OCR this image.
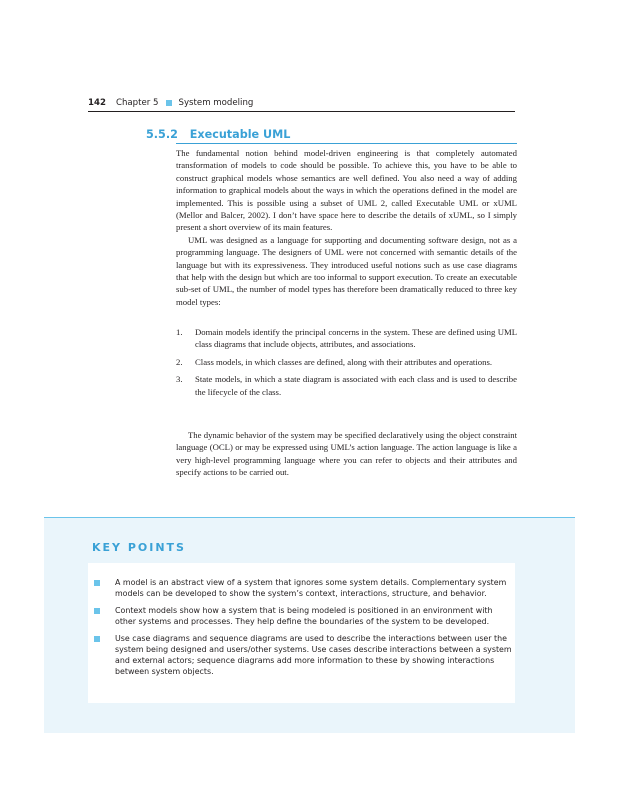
142 Chapter 5 System modeling
5.5.2 Executable UML

The fundamental notion behind model-driven engineering is that completely automated transformation of models to code should be possible. To achieve this, you have to be able to construct graphical models whose semantics are well defined. You also need a way of adding information to graphical models about the ways in which the operations defined in the model are implemented. This is possible using a subset of UML 2, called Executable UML or xUML (Mellor and Balcer, 2002). I don’t have space here to describe the details of xUML, so I simply present a short overview of its main features.

UML was designed as a language for supporting and documenting software design, not as a programming language. The designers of UML were not concerned with semantic details of the language but with its expressiveness. They introduced useful notions such as use case diagrams that help with the design but which are too informal to support execution. To create an executable sub-set of UML, the number of model types has therefore been dramatically reduced to three key model types:

1.	Domain models identify the principal concerns in the system. These are defined using UML class diagrams that include objects, attributes, and associations.
2.	Class models, in which classes are defined, along with their attributes and operations.
3.	State models, in which a state diagram is associated with each class and is used to describe the lifecycle of the class.

The dynamic behavior of the system may be specified declaratively using the object constraint language (OCL) or may be expressed using UML’s action language. The action language is like a very high-level programming language where you can refer to objects and their attributes and specify actions to be carried out.

KEY POINTS
A model is an abstract view of a system that ignores some system details. Complementary system models can be developed to show the system’s context, interactions, structure, and behavior.
Context models show how a system that is being modeled is positioned in an environment with other systems and processes. They help define the boundaries of the system to be developed.
Use case diagrams and sequence diagrams are used to describe the interactions between user the system being designed and users/other systems. Use cases describe interactions between a system and external actors; sequence diagrams add more information to these by showing interactions between system objects.
